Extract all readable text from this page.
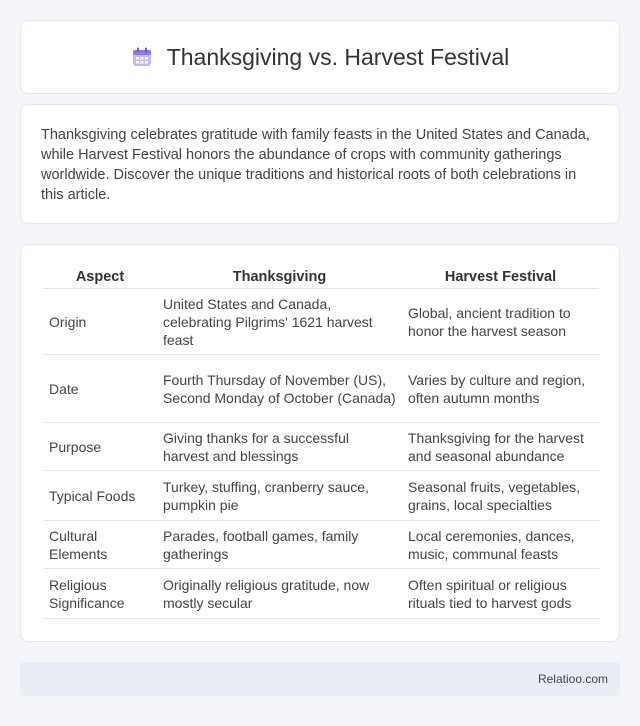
Thanksgiving vs. Harvest Festival

Thanksgiving celebrates gratitude with family feasts in the United States and Canada, while Harvest Festival honors the abundance of crops with community gatherings worldwide. Discover the unique traditions and historical roots of both celebrations in this article.

Aspect	Thanksgiving	Harvest Festival
Origin	United States and Canada, celebrating Pilgrims' 1621 harvest feast	Global, ancient tradition to honor the harvest season
Date	Fourth Thursday of November (US), Second Monday of October (Canada)	Varies by culture and region, often autumn months
Purpose	Giving thanks for a successful harvest and blessings	Thanksgiving for the harvest and seasonal abundance
Typical Foods	Turkey, stuffing, cranberry sauce, pumpkin pie	Seasonal fruits, vegetables, grains, local specialties
Cultural Elements	Parades, football games, family gatherings	Local ceremonies, dances, music, communal feasts
Religious Significance	Originally religious gratitude, now mostly secular	Often spiritual or religious rituals tied to harvest gods
Relatioo.com
